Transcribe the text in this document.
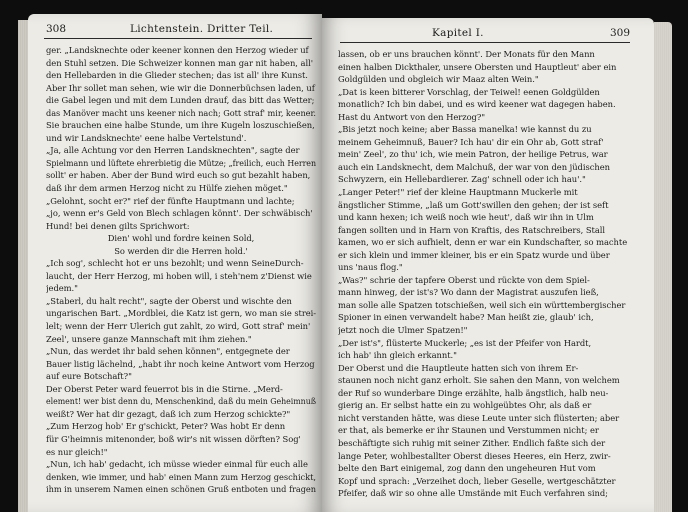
308	Lichtenstein. Dritter Teil.
ger. „Landsknechte oder keener konnen den Herzog wieder uf
den Stuhl setzen. Die Schweizer konnen man gar nit haben, all'
den Hellebarden in die Glieder stechen; das ist all' ihre Kunst.
Aber Ihr sollet man sehen, wie wir die Donnerbüchsen laden, uf
die Gabel legen und mit dem Lunden drauf, das bitt das Wetter;
das Manöver macht uns keener nich nach; Gott straf' mir, keener.
Sie brauchen eine halbe Stunde, um ihre Kugeln loszuschießen,
und wir Landsknechte' eene halbe Vertelstund'.
„Ja, alle Achtung vor den Herren Landsknechten", sagte der
Spielmann und lüftete ehrerbietig die Mütze; „freilich, euch Herren
sollt' er haben. Aber der Bund wird euch so gut bezahlt haben,
daß ihr dem armen Herzog nicht zu Hülfe ziehen möget."
„Gelohnt, socht er?" rief der fünfte Hauptmann und lachte;
„jo, wenn er's Geld von Blech schlagen könnt'. Der schwäbisch'
Hund! bei denen gilts Sprichwort:
Dien' wohl und fordre keinen Sold,
So werden dir die Herren hold.'
„Ich sog', schlecht hot er uns bezohlt; und wenn SeineDurch-
laucht, der Herr Herzog, mi hoben will, i steh'nem z'Dienst wie
jedem."
„Staberl, du halt recht", sagte der Oberst und wischte den
ungarischen Bart. „Mordblei, die Katz ist gern, wo man sie strei-
lelt; wenn der Herr Ulerich gut zahlt, zo wird, Gott straf' mein'
Zeel', unsere ganze Mannschaft mit ihm ziehen."
„Nun, das werdet ihr bald sehen können", entgegnete der
Bauer listig lächelnd, „habt ihr noch keine Antwort vom Herzog
auf eure Botschaft?"
Der Oberst Peter ward feuerrot bis in die Stirne. „Merd-
element! wer bist denn du, Menschenkind, daß du mein Geheimnuß
weißt? Wer hat dir gezagt, daß ich zum Herzog schickte?"
„Zum Herzog hob' Er g'schickt, Peter? Was hobt Er denn
für G'heimnis mitenonder, boß wir's nit wissen dörften? Sog'
es nur gleich!"
„Nun, ich hab' gedacht, ich müsse wieder einmal für euch alle
denken, wie immer, und hab' einen Mann zum Herzog geschickt,
ihm in unserem Namen einen schönen Gruß entboten und fragen
Kapitel I.	309
lassen, ob er uns brauchen könnt'. Der Monats für den Mann
einen halben Dickthaler, unsere Obersten und Hauptleut' aber ein
Goldgülden und obgleich wir Maaz alten Wein."
„Dat is keen bitterer Vorschlag, der Teiwel! eenen Goldgülden
monatlich? Ich bin dabei, und es wird keener wat dagegen haben.
Hast du Antwort von den Herzog?"
„Bis jetzt noch keine; aber Bassa manelka! wie kannst du zu
meinem Geheimnuß, Bauer? Ich hau' dir ein Ohr ab, Gott straf'
mein' Zeel', zo thu' ich, wie mein Patron, der heilige Petrus, war
auch ein Landsknecht, dem Malchuß, der war von den jüdischen
Schwyzern, ein Hellebardierer. Zag' schnell oder ich hau'."
„Langer Peter!" rief der kleine Hauptmann Muckerle mit
ängstlicher Stimme, „laß um Gott'swillen den gehen; der ist seft
und kann hexen; ich weiß noch wie heut', daß wir ihn in Ulm
fangen sollten und in Harn von Kraftis, des Ratschreibers, Stall
kamen, wo er sich aufhielt, denn er war ein Kundschafter, so machte
er sich klein und immer kleiner, bis er ein Spatz wurde und über
uns 'naus flog."
„Was?" schrie der tapfere Oberst und rückte von dem Spiel-
mann hinweg, der ist's? Wo dann der Magistrat auszufen ließ,
man solle alle Spatzen totschießen, weil sich ein württembergischer
Spioner in einen verwandelt habe? Man heißt zie, glaub' ich,
jetzt noch die Ulmer Spatzen!"
„Der ist's", flüsterte Muckerle; „es ist der Pfeifer von Hardt,
ich hab' ihn gleich erkannt."
Der Oberst und die Hauptleute hatten sich von ihrem Er-
staunen noch nicht ganz erholt. Sie sahen den Mann, von welchem
der Ruf so wunderbare Dinge erzählte, halb ängstlich, halb neu-
gierig an. Er selbst hatte ein zu wohlgeübtes Ohr, als daß er
nicht verstanden hätte, was diese Leute unter sich flüsterten; aber
er that, als bemerke er ihr Staunen und Verstummen nicht; er
beschäftigte sich ruhig mit seiner Zither. Endlich faßte sich der
lange Peter, wohlbestallter Oberst dieses Heeres, ein Herz, zwir-
belte den Bart einigemal, zog dann den ungeheuren Hut vom
Kopf und sprach: „Verzeihet doch, lieber Geselle, wertgeschätzter
Pfeifer, daß wir so ohne alle Umstände mit Euch verfahren sind;
